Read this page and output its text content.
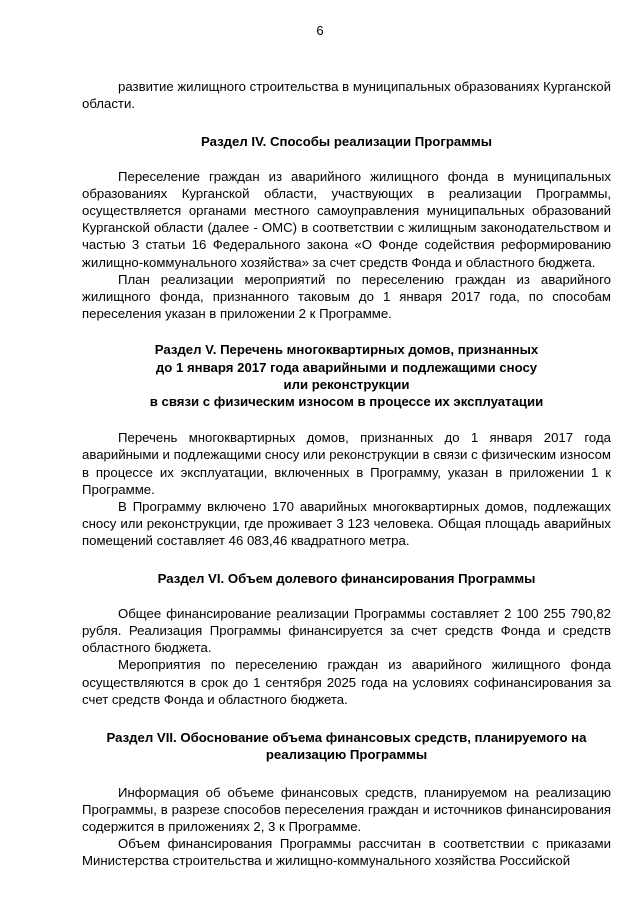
6

развитие жилищного строительства в муниципальных образованиях Курганской области.

Раздел IV. Способы реализации Программы

Переселение граждан из аварийного жилищного фонда в муниципальных образованиях Курганской области, участвующих в реализации Программы, осуществляется органами местного самоуправления муниципальных образований Курганской области (далее - ОМС) в соответствии с жилищным законодательством и частью 3 статьи 16 Федерального закона «О Фонде содействия реформированию жилищно-коммунального хозяйства» за счет средств Фонда и областного бюджета.

План реализации мероприятий по переселению граждан из аварийного жилищного фонда, признанного таковым до 1 января 2017 года, по способам переселения указан в приложении 2 к Программе.

Раздел V. Перечень многоквартирных домов, признанных
до 1 января 2017 года аварийными и подлежащими сносу
или реконструкции
в связи с физическим износом в процессе их эксплуатации

Перечень многоквартирных домов, признанных до 1 января 2017 года аварийными и подлежащими сносу или реконструкции в связи с физическим износом в процессе их эксплуатации, включенных в Программу, указан в приложении 1 к Программе.

В Программу включено 170 аварийных многоквартирных домов, подлежащих сносу или реконструкции, где проживает 3 123 человека. Общая площадь аварийных помещений составляет 46 083,46 квадратного метра.

Раздел VI. Объем долевого финансирования Программы

Общее финансирование реализации Программы составляет 2 100 255 790,82 рубля. Реализация Программы финансируется за счет средств Фонда и средств областного бюджета.

Мероприятия по переселению граждан из аварийного жилищного фонда осуществляются в срок до 1 сентября 2025 года на условиях софинансирования за счет средств Фонда и областного бюджета.

Раздел VII. Обоснование объема финансовых средств, планируемого на
реализацию Программы

Информация об объеме финансовых средств, планируемом на реализацию Программы, в разрезе способов переселения граждан и источников финансирования содержится в приложениях 2, 3 к Программе.

Объем финансирования Программы рассчитан в соответствии с приказами Министерства строительства и жилищно-коммунального хозяйства Российской
